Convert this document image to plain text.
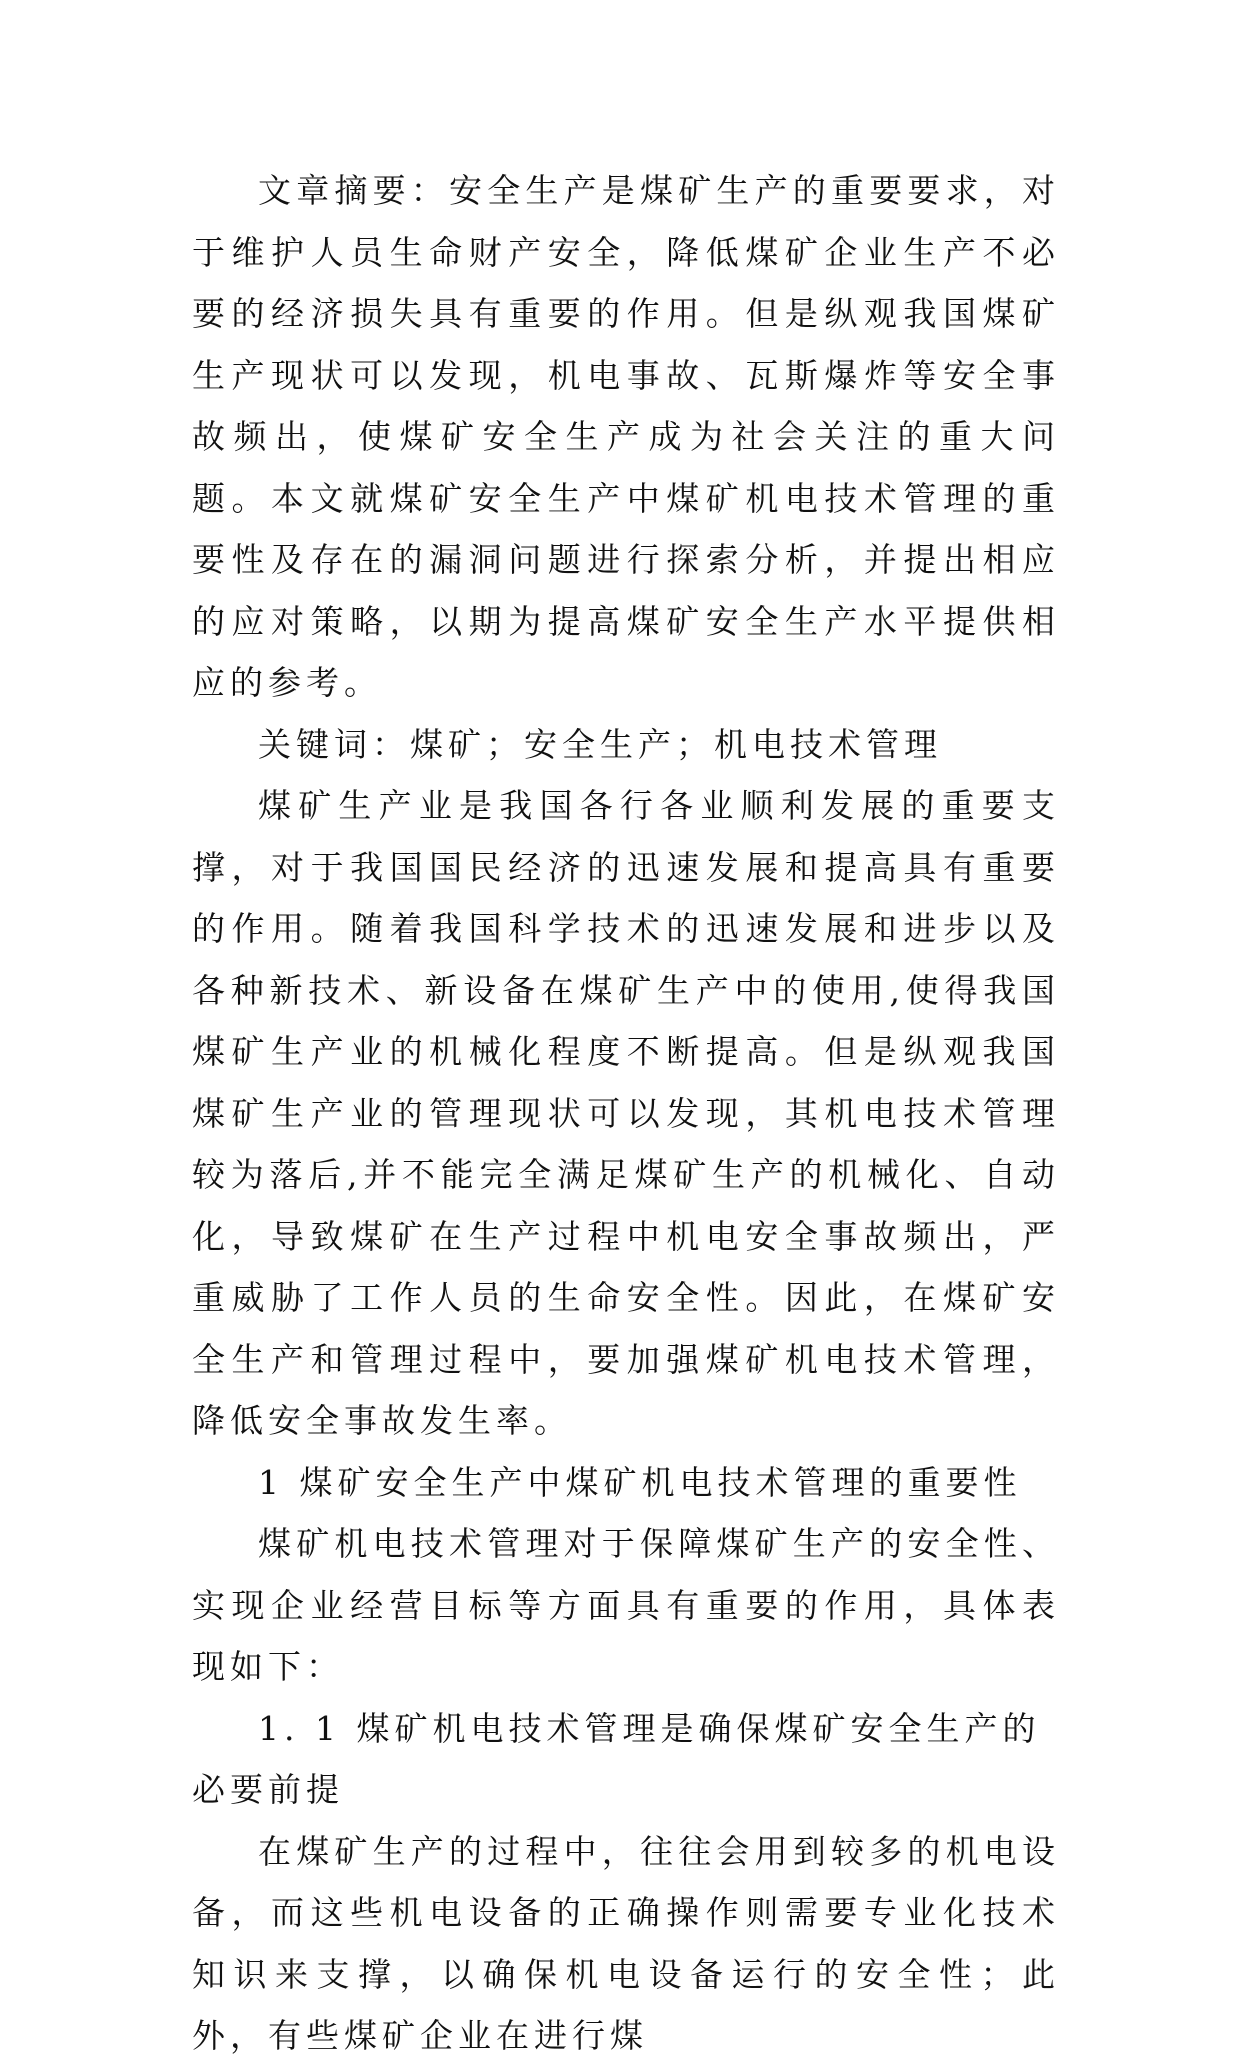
文章摘要：安全生产是煤矿生产的重要要求，对于维护人员生命财产安全，降低煤矿企业生产不必要的经济损失具有重要的作用。但是纵观我国煤矿生产现状可以发现，机电事故、瓦斯爆炸等安全事故频出，使煤矿安全生产成为社会关注的重大问题。本文就煤矿安全生产中煤矿机电技术管理的重要性及存在的漏洞问题进行探索分析，并提出相应的应对策略，以期为提高煤矿安全生产水平提供相应的参考。

关键词：煤矿；安全生产；机电技术管理

煤矿生产业是我国各行各业顺利发展的重要支撑，对于我国国民经济的迅速发展和提高具有重要的作用。随着我国科学技术的迅速发展和进步以及各种新技术、新设备在煤矿生产中的使用,使得我国煤矿生产业的机械化程度不断提高。但是纵观我国煤矿生产业的管理现状可以发现，其机电技术管理较为落后,并不能完全满足煤矿生产的机械化、自动化，导致煤矿在生产过程中机电安全事故频出，严重威胁了工作人员的生命安全性。因此，在煤矿安全生产和管理过程中，要加强煤矿机电技术管理，降低安全事故发生率。

1 煤矿安全生产中煤矿机电技术管理的重要性

煤矿机电技术管理对于保障煤矿生产的安全性、实现企业经营目标等方面具有重要的作用，具体表现如下：

1. 1 煤矿机电技术管理是确保煤矿安全生产的必要前提

在煤矿生产的过程中，往往会用到较多的机电设备，而这些机电设备的正确操作则需要专业化技术知识来支撑，以确保机电设备运行的安全性；此外，有些煤矿企业在进行煤
